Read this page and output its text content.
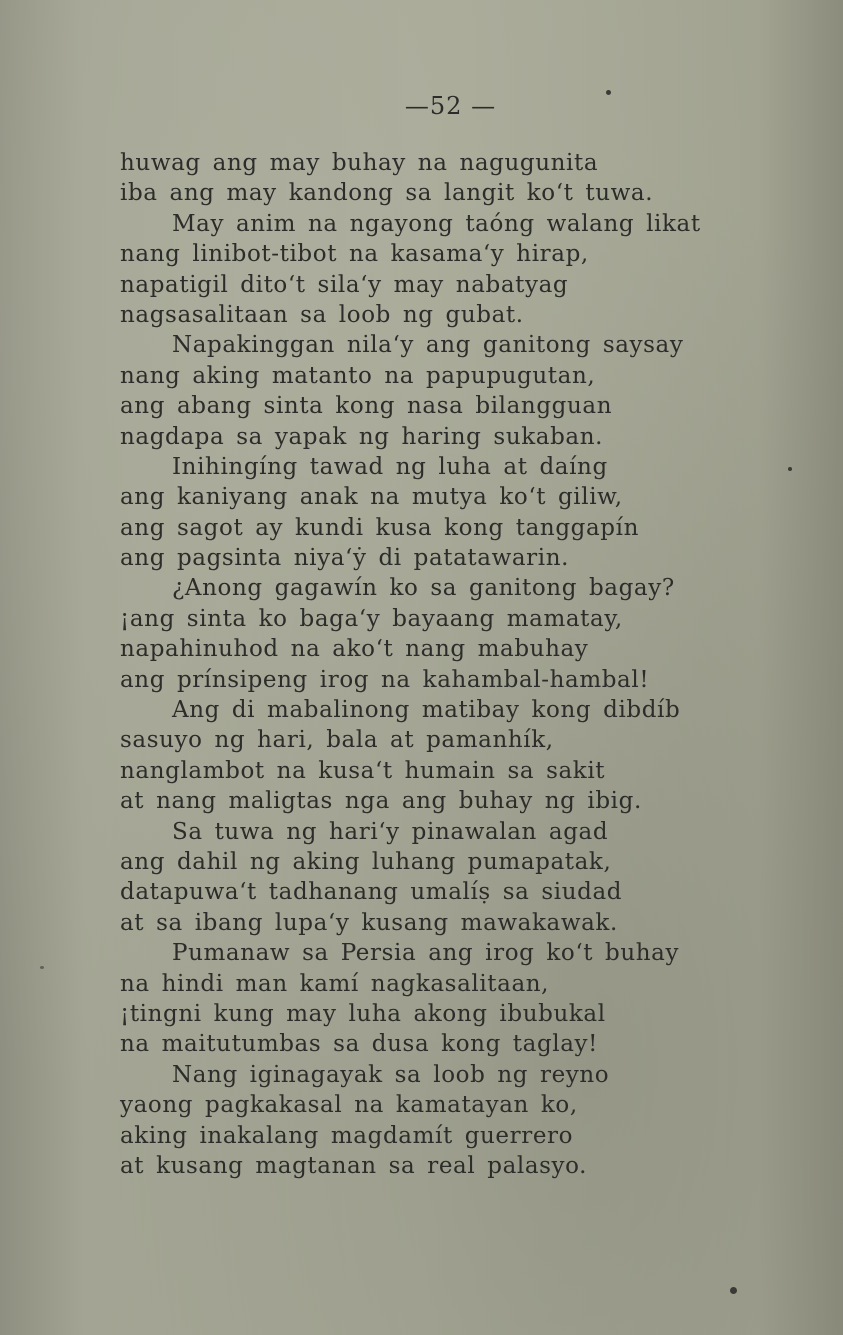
—52 —
huwag ang may buhay na nagugunita
iba ang may kandong sa langit ko‘t tuwa.
May anim na ngayong taóng walang likat
nang linibot-tibot na kasama‘y hirap,
napatigil dito‘t sila‘y may nabatyag
nagsasalitaan sa loob ng gubat.
Napakinggan nila‘y ang ganitong saysay
nang aking matanto na papupugutan,
ang abang sinta kong nasa bilangguan
nagdapa sa yapak ng haring sukaban.
Inihingíng tawad ng luha at daíng
ang kaniyang anak na mutya ko‘t giliw,
ang sagot ay kundi kusa kong tanggapín
ang pagsinta niya‘ẏ di patatawarin.
¿Anong gagawín ko sa ganitong bagay?
¡ang sinta ko baga‘y bayaang mamatay,
napahinuhod na ako‘t nang mabuhay
ang prínsipeng irog na kahambal-hambal!
Ang di mabalinong matibay kong dibdíb
sasuyo ng hari, bala at pamanhík,
nanglambot na kusa‘t humain sa sakit
at nang maligtas nga ang buhay ng ibig.
Sa tuwa ng hari‘y pinawalan agad
ang dahil ng aking luhang pumapatak,
datapuwa‘t tadhanang umalíṣ sa siudad
at sa ibang lupa‘y kusang mawakawak.
Pumanaw sa Persia ang irog ko‘t buhay
na hindi man kamí nagkasalitaan,
¡tingni kung may luha akong ibubukal
na maitutumbas sa dusa kong taglay!
Nang iginagayak sa loob ng reyno
yaong pagkakasal na kamatayan ko,
aking inakalang magdamít guerrero
at kusang magtanan sa real palasyo.
